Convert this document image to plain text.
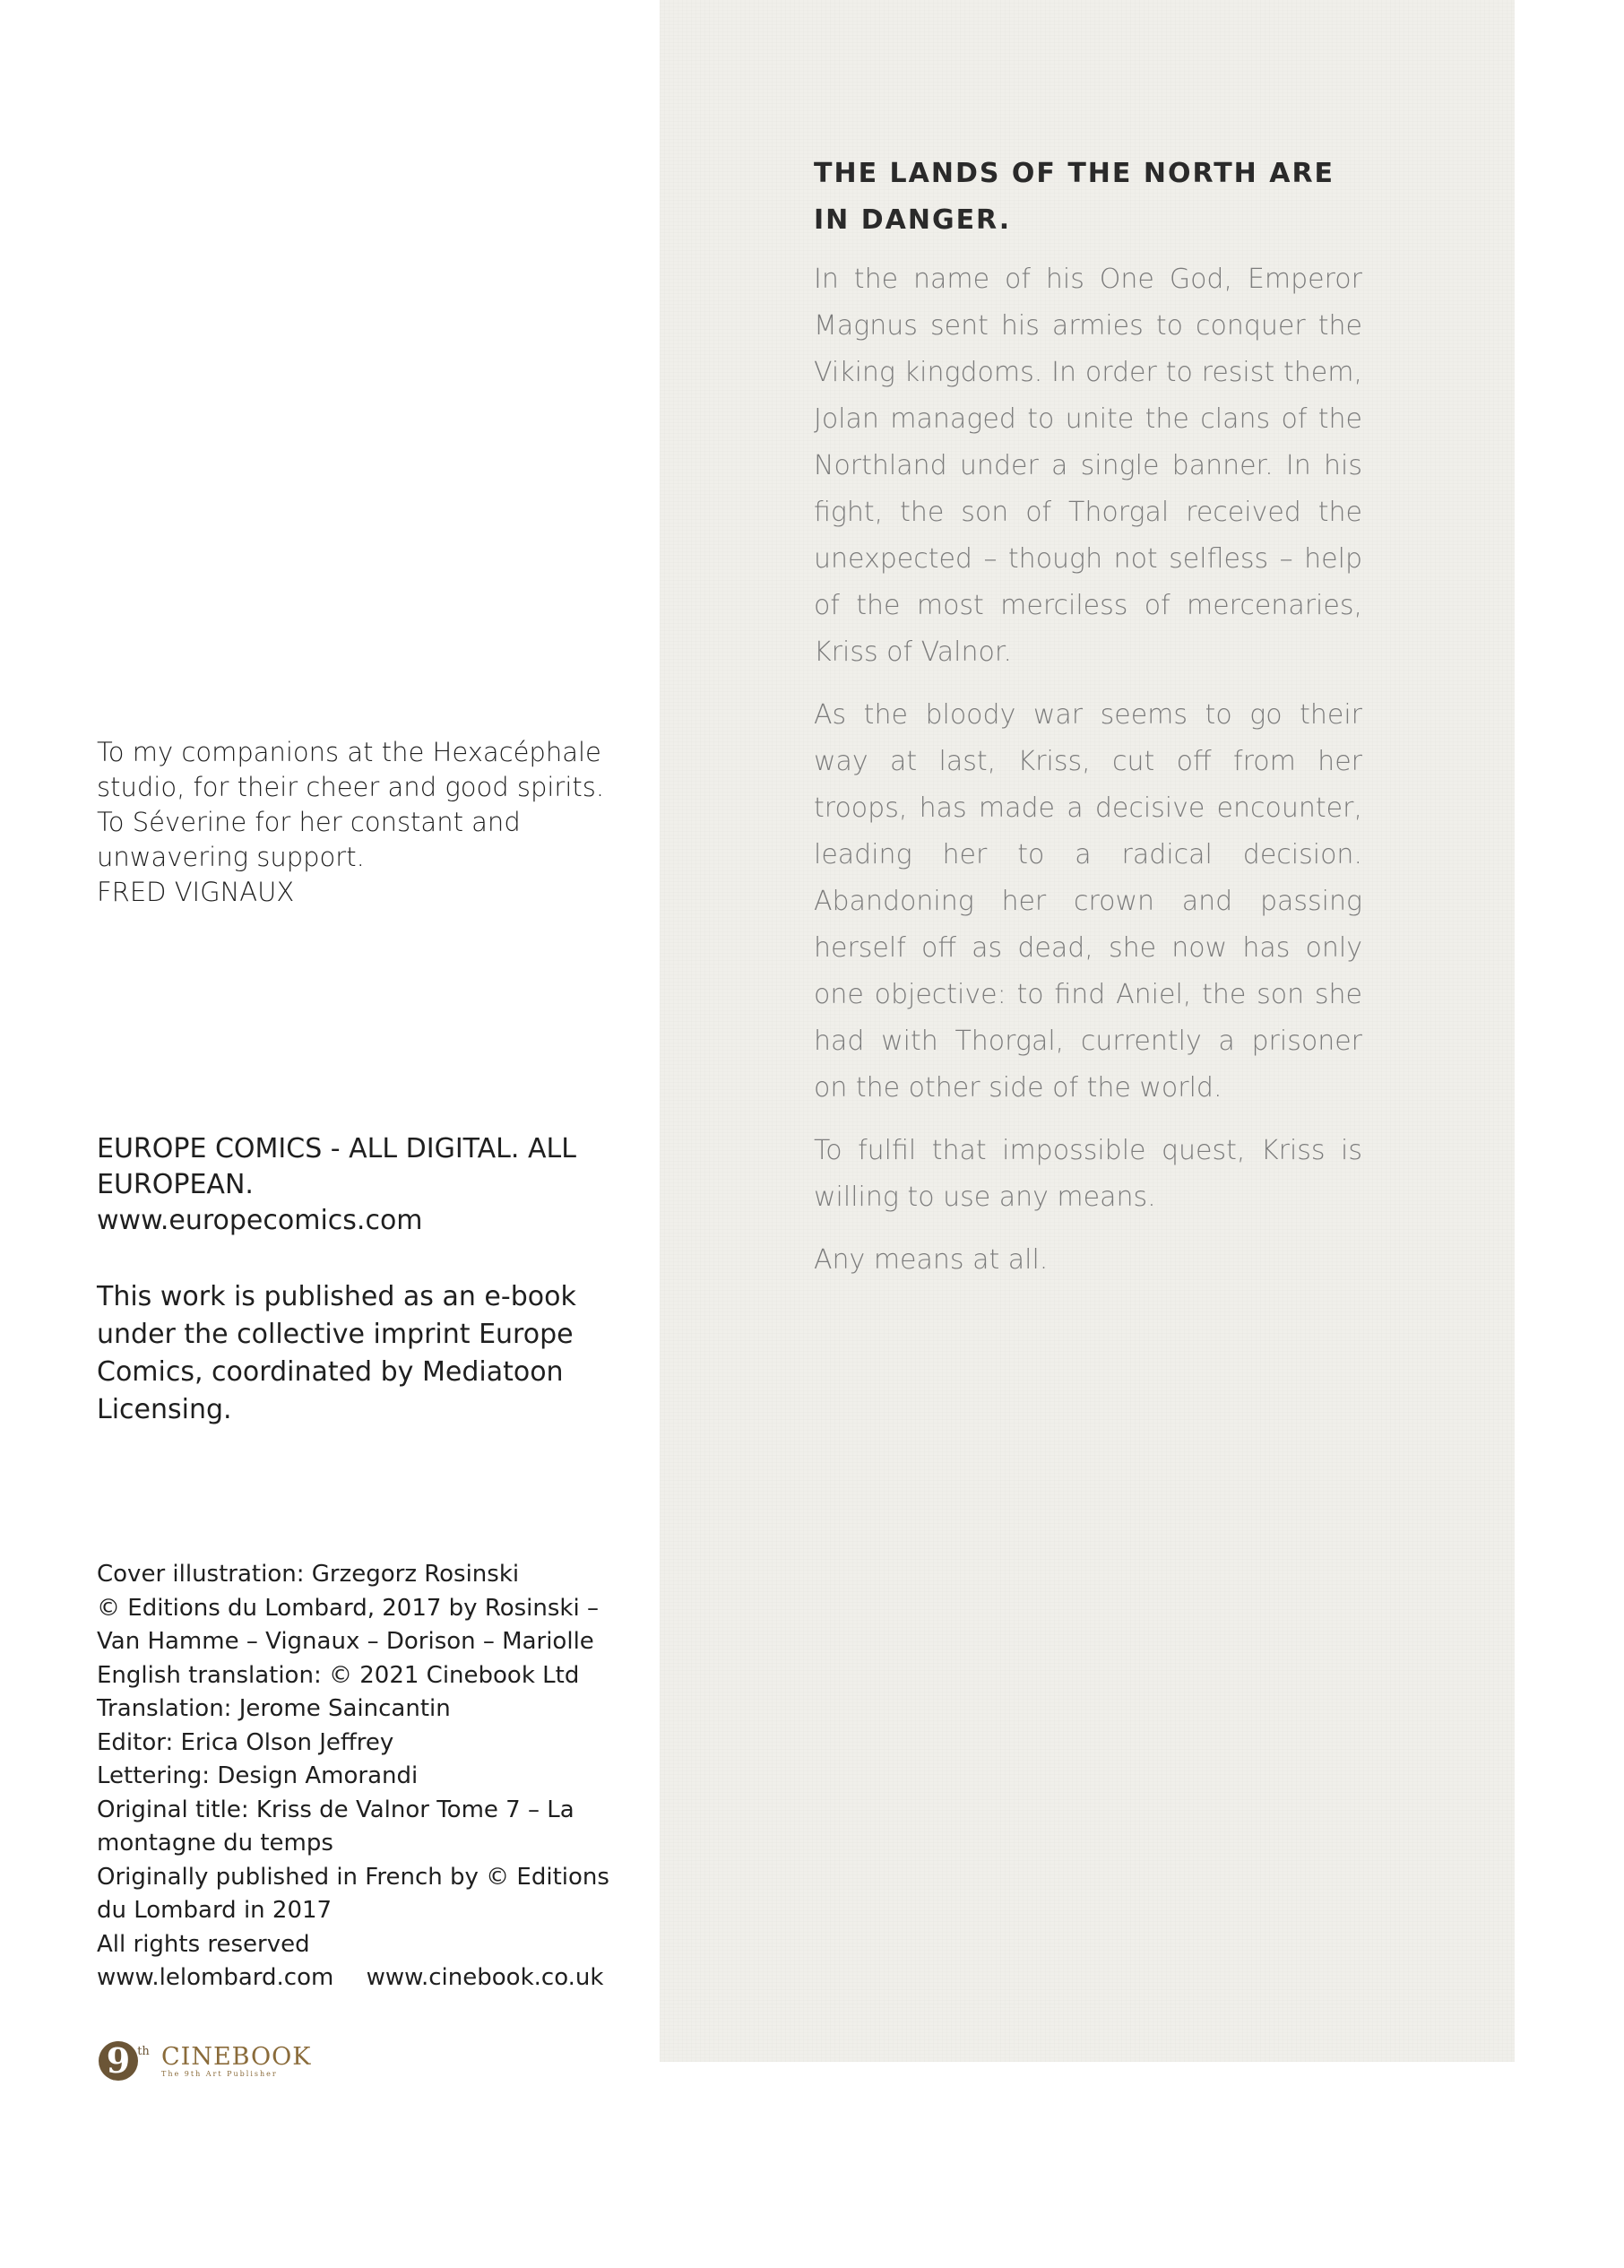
To my companions at the Hexacéphale
studio, for their cheer and good spirits.
To Séverine for her constant and
unwavering support.
FRED VIGNAUX
EUROPE COMICS - ALL DIGITAL. ALL
EUROPEAN.
www.europecomics.com
This work is published as an e-book
under the collective imprint Europe
Comics, coordinated by Mediatoon
Licensing.
Cover illustration: Grzegorz Rosinski
© Editions du Lombard, 2017 by Rosinski –
Van Hamme – Vignaux – Dorison – Mariolle
English translation: © 2021 Cinebook Ltd
Translation: Jerome Saincantin
Editor: Erica Olson Jeffrey
Lettering: Design Amorandi
Original title: Kriss de Valnor Tome 7 – La
montagne du temps
Originally published in French by © Editions
du Lombard in 2017
All rights reserved
www.lelombard.com www.cinebook.co.uk
9 th CINEBOOK
The 9th Art Publisher
THE LANDS OF THE NORTH ARE IN DANGER.

In the name of his One God, Emperor Magnus sent his armies to conquer the Viking kingdoms. In order to resist them, Jolan managed to unite the clans of the Northland under a single banner. In his fight, the son of Thorgal received the unexpected – though not selfless – help of the most merciless of mercenaries, Kriss of Valnor.

As the bloody war seems to go their way at last, Kriss, cut off from her troops, has made a decisive encounter, leading her to a radical decision. Abandoning her crown and passing herself off as dead, she now has only one objective: to find Aniel, the son she had with Thorgal, currently a prisoner on the other side of the world.

To fulfil that impossible quest, Kriss is willing to use any means.

Any means at all.
